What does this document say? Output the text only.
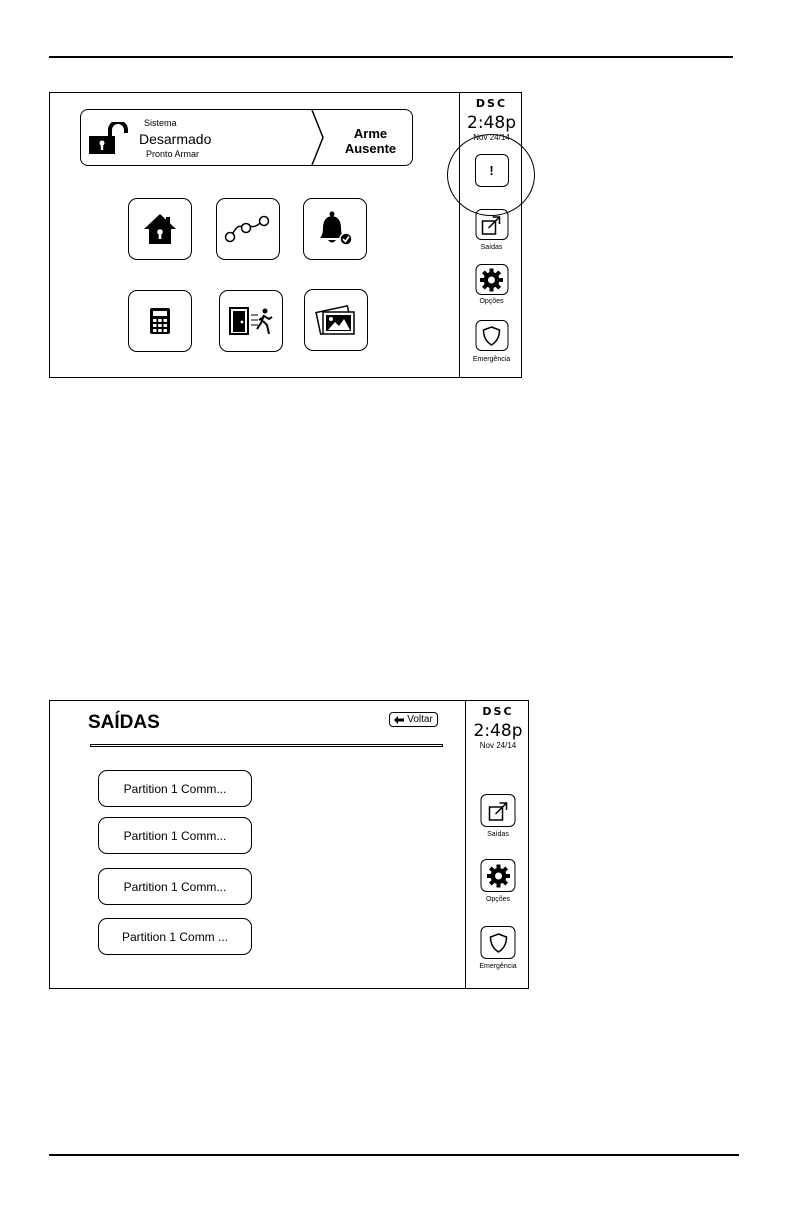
Sistema
Desarmado
Pronto Armar
Arme
Ausente
DSC
2:48p
Nov 24/14
!
Saídas
Opções
Emergência
SAÍDAS	Voltar
Partition 1 Comm...
Partition 1 Comm...
Partition 1 Comm...
Partition 1 Comm ...
DSC
2:48p
Nov 24/14
Saídas
Opções
Emergência
